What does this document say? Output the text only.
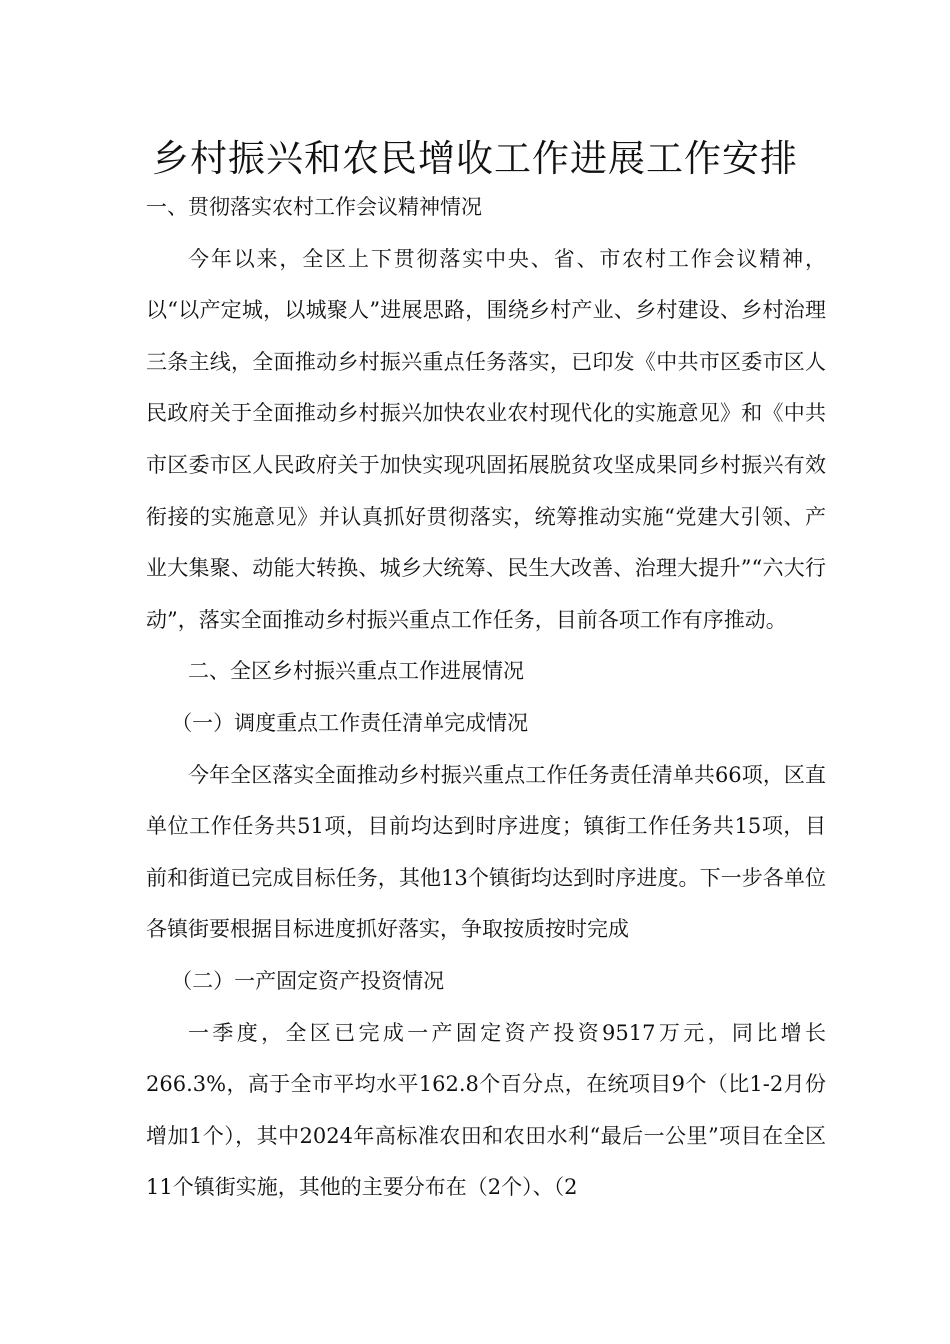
乡村振兴和农民增收工作进展工作安排

一、贯彻落实农村工作会议精神情况

今年以来，全区上下贯彻落实中央、省、市农村工作会议精神，以“以产定城，以城聚人”进展思路，围绕乡村产业、乡村建设、乡村治理三条主线，全面推动乡村振兴重点任务落实，已印发《中共市区委市区人民政府关于全面推动乡村振兴加快农业农村现代化的实施意见》和《中共市区委市区人民政府关于加快实现巩固拓展脱贫攻坚成果同乡村振兴有效衔接的实施意见》并认真抓好贯彻落实，统筹推动实施“党建大引领、产业大集聚、动能大转换、城乡大统筹、民生大改善、治理大提升”“六大行动”，落实全面推动乡村振兴重点工作任务，目前各项工作有序推动。

二、全区乡村振兴重点工作进展情况

（一）调度重点工作责任清单完成情况

今年全区落实全面推动乡村振兴重点工作任务责任清单共66项，区直单位工作任务共51项，目前均达到时序进度；镇街工作任务共15项，目前和街道已完成目标任务，其他13个镇街均达到时序进度。下一步各单位各镇街要根据目标进度抓好落实，争取按质按时完成

（二）一产固定资产投资情况

一季度，全区已完成一产固定资产投资9517万元，同比增长266.3%，高于全市平均水平162.8个百分点，在统项目9个（比1-2月份增加1个），其中2024年高标准农田和农田水利“最后一公里”项目在全区11个镇街实施，其他的主要分布在（2个）、（2
